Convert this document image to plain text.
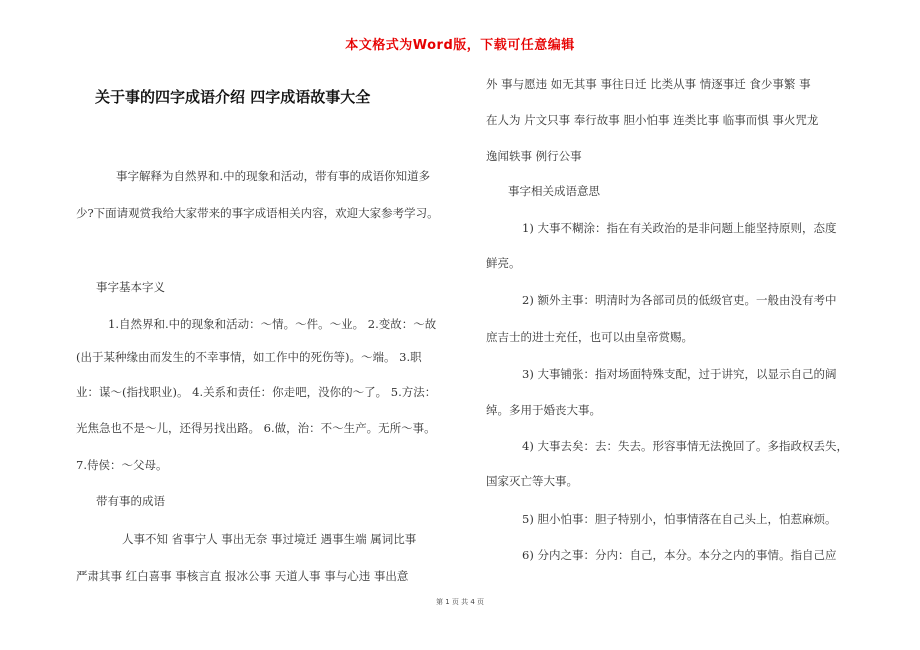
本文格式为Word版，下载可任意编辑
关于事的四字成语介绍 四字成语故事大全
事字解释为自然界和.中的现象和活动，带有事的成语你知道多
少?下面请观赏我给大家带来的事字成语相关内容，欢迎大家参考学习。
事字基本字义
1.自然界和.中的现象和活动：～情。～件。～业。 2.变故：～故
(出于某种缘由而发生的不幸事情，如工作中的死伤等)。～端。 3.职
业：谋～(指找职业)。 4.关系和责任：你走吧，没你的～了。 5.方法：
光焦急也不是～儿，还得另找出路。 6.做，治：不～生产。无所～事。
7.侍侯：～父母。
带有事的成语
人事不知 省事宁人 事出无奈 事过境迁 遇事生端 属词比事
严肃其事 红白喜事 事核言直 报冰公事 天道人事 事与心违 事出意
外 事与愿违 如无其事 事往日迁 比类从事 情逐事迁 食少事繁 事
在人为 片文只事 奉行故事 胆小怕事 连类比事 临事而惧 事火咒龙
逸闻轶事 例行公事
事字相关成语意思
1) 大事不糊涂：指在有关政治的是非问题上能坚持原则，态度
鲜亮。
2) 额外主事：明清时为各部司员的低级官吏。一般由没有考中
庶吉士的进士充任，也可以由皇帝赏赐。
3) 大事铺张：指对场面特殊支配，过于讲究，以显示自己的阔
绰。多用于婚丧大事。
4) 大事去矣：去：失去。形容事情无法挽回了。多指政权丢失，
国家灭亡等大事。
5) 胆小怕事：胆子特别小，怕事情落在自己头上，怕惹麻烦。
6) 分内之事：分内：自己，本分。本分之内的事情。指自己应
第 1 页 共 4 页
